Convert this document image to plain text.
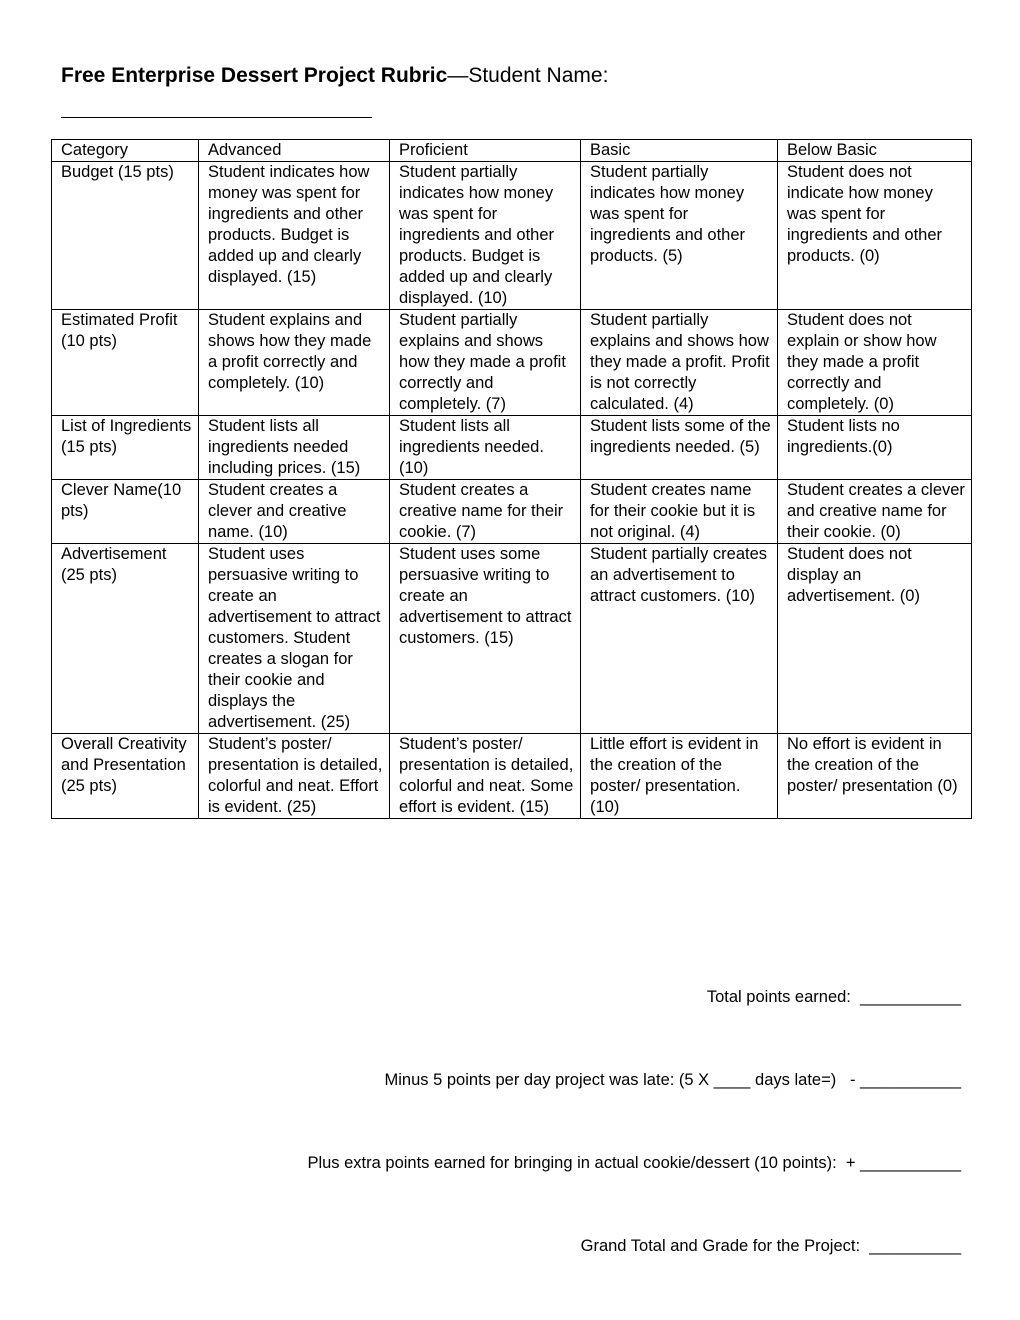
Free Enterprise Dessert Project Rubric—Student Name:
Category	Advanced	Proficient	Basic	Below Basic
Budget (15 pts)	Student indicates how money was spent for ingredients and other products. Budget is added up and clearly displayed. (15)	Student partially indicates how money was spent for ingredients and other products. Budget is added up and clearly displayed. (10)	Student partially indicates how money was spent for ingredients and other products. (5)	Student does not indicate how money was spent for ingredients and other products. (0)
Estimated Profit (10 pts)	Student explains and shows how they made a profit correctly and completely. (10)	Student partially explains and shows how they made a profit correctly and completely. (7)	Student partially explains and shows how they made a profit. Profit is not correctly calculated. (4)	Student does not explain or show how they made a profit correctly and completely. (0)
List of Ingredients (15 pts)	Student lists all ingredients needed including prices. (15)	Student lists all ingredients needed. (10)	Student lists some of the ingredients needed. (5)	Student lists no ingredients.(0)
Clever Name(10 pts)	Student creates a clever and creative name. (10)	Student creates a creative name for their cookie. (7)	Student creates name for their cookie but it is not original. (4)	Student creates a clever and creative name for their cookie. (0)
Advertisement (25 pts)	Student uses persuasive writing to create an advertisement to attract customers. Student creates a slogan for their cookie and displays the advertisement. (25)	Student uses some persuasive writing to create an advertisement to attract customers. (15)	Student partially creates an advertisement to attract customers. (10)	Student does not display an advertisement. (0)
Overall Creativity and Presentation (25 pts)	Student’s poster/ presentation is detailed, colorful and neat. Effort is evident. (25)	Student’s poster/ presentation is detailed, colorful and neat. Some effort is evident. (15)	Little effort is evident in the creation of the poster/ presentation. (10)	No effort is evident in the creation of the poster/ presentation (0)

Total points earned:  ___________

Minus 5 points per day project was late: (5 X ____ days late=)   - ___________

Plus extra points earned for bringing in actual cookie/dessert (10 points):  + ___________

Grand Total and Grade for the Project:  __________
